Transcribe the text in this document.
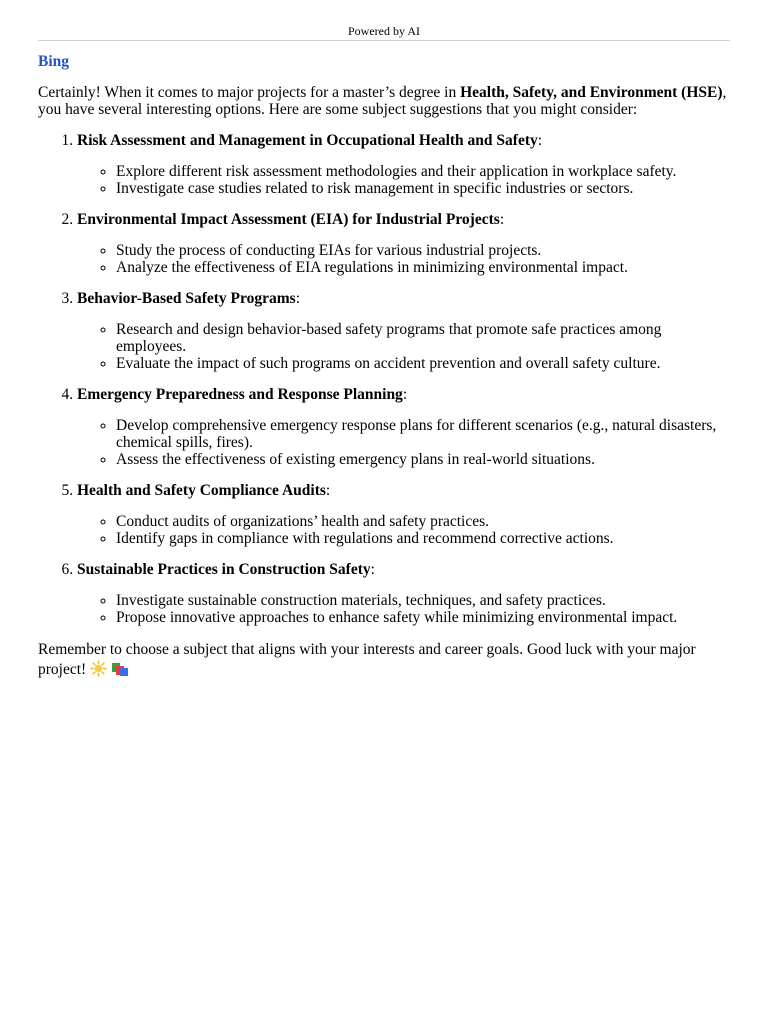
Powered by AI

Bing

Certainly! When it comes to major projects for a master’s degree in Health, Safety, and Environment (HSE), you have several interesting options. Here are some subject suggestions that you might consider:

1. Risk Assessment and Management in Occupational Health and Safety:
◦ Explore different risk assessment methodologies and their application in workplace safety.
◦ Investigate case studies related to risk management in specific industries or sectors.
2. Environmental Impact Assessment (EIA) for Industrial Projects:
◦ Study the process of conducting EIAs for various industrial projects.
◦ Analyze the effectiveness of EIA regulations in minimizing environmental impact.
3. Behavior-Based Safety Programs:
◦ Research and design behavior-based safety programs that promote safe practices among employees.
◦ Evaluate the impact of such programs on accident prevention and overall safety culture.
4. Emergency Preparedness and Response Planning:
◦ Develop comprehensive emergency response plans for different scenarios (e.g., natural disasters, chemical spills, fires).
◦ Assess the effectiveness of existing emergency plans in real-world situations.
5. Health and Safety Compliance Audits:
◦ Conduct audits of organizations’ health and safety practices.
◦ Identify gaps in compliance with regulations and recommend corrective actions.
6. Sustainable Practices in Construction Safety:
◦ Investigate sustainable construction materials, techniques, and safety practices.
◦ Propose innovative approaches to enhance safety while minimizing environmental impact.

Remember to choose a subject that aligns with your interests and career goals. Good luck with your major project!
